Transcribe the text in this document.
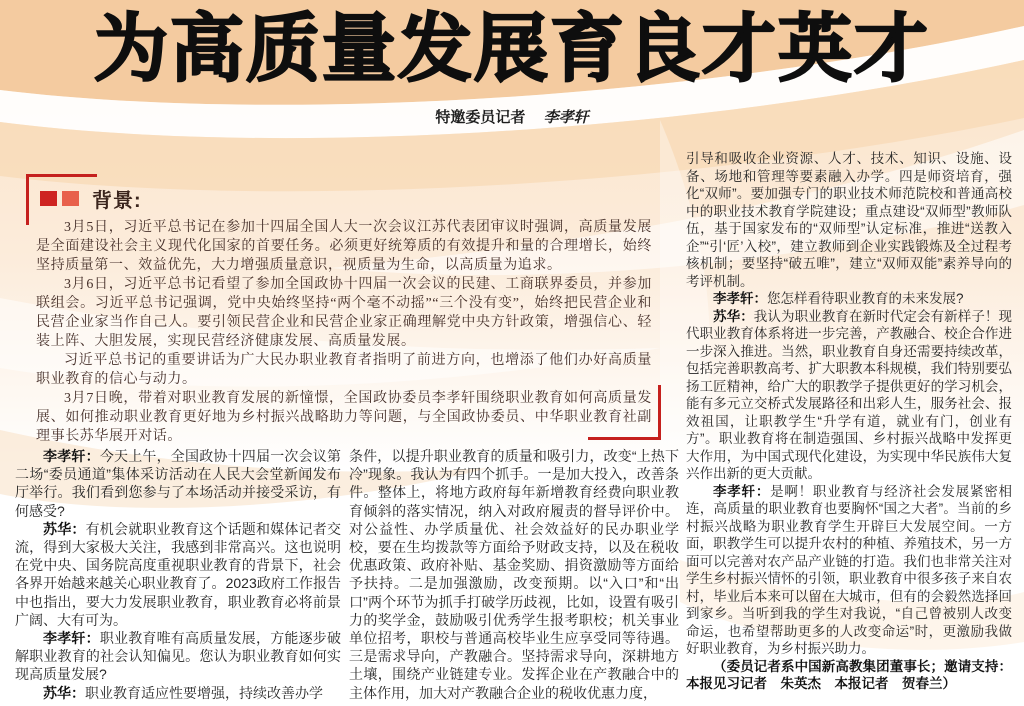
为高质量发展育良才英才
特邀委员记者 李孝轩
背景:

3月5日，习近平总书记在参加十四届全国人大一次会议江苏代表团审议时强调，高质量发展是全面建设社会主义现代化国家的首要任务。必须更好统筹质的有效提升和量的合理增长，始终坚持质量第一、效益优先，大力增强质量意识，视质量为生命，以高质量为追求。

3月6日，习近平总书记看望了参加全国政协十四届一次会议的民建、工商联界委员，并参加联组会。习近平总书记强调，党中央始终坚持“两个毫不动摇”“三个没有变”，始终把民营企业和民营企业家当作自己人。要引领民营企业和民营企业家正确理解党中央方针政策，增强信心、轻装上阵、大胆发展，实现民营经济健康发展、高质量发展。

习近平总书记的重要讲话为广大民办职业教育者指明了前进方向，也增添了他们办好高质量职业教育的信心与动力。

3月7日晚，带着对职业教育发展的新憧憬，全国政协委员李孝轩围绕职业教育如何高质量发展、如何推动职业教育更好地为乡村振兴战略助力等问题，与全国政协委员、中华职业教育社副理事长苏华展开对话。

李孝轩：今天上午，全国政协十四届一次会议第二场“委员通道”集体采访活动在人民大会堂新闻发布厅举行。我们看到您参与了本场活动并接受采访，有何感受?

苏华：有机会就职业教育这个话题和媒体记者交流，得到大家极大关注，我感到非常高兴。这也说明在党中央、国务院高度重视职业教育的背景下，社会各界开始越来越关心职业教育了。2023政府工作报告中也指出，要大力发展职业教育，职业教育必将前景广阔、大有可为。

李孝轩：职业教育唯有高质量发展，方能逐步破解职业教育的社会认知偏见。您认为职业教育如何实现高质量发展?

苏华：职业教育适应性要增强，持续改善办学

条件，以提升职业教育的质量和吸引力，改变“上热下冷”现象。我认为有四个抓手。一是加大投入，改善条件。整体上，将地方政府每年新增教育经费向职业教育倾斜的落实情况，纳入对政府履责的督导评价中。对公益性、办学质量优、社会效益好的民办职业学校，要在生均拨款等方面给予财政支持，以及在税收优惠政策、政府补贴、基金奖励、捐资激励等方面给予扶持。二是加强激励，改变预期。以“入口”和“出口”两个环节为抓手打破学历歧视，比如，设置有吸引力的奖学金，鼓励吸引优秀学生报考职校；机关事业单位招考，职校与普通高校毕业生应享受同等待遇。三是需求导向，产教融合。坚持需求导向，深耕地方土壤，围绕产业链建专业。发挥企业在产教融合中的主体作用，加大对产教融合企业的税收优惠力度，

引导和吸收企业资源、人才、技术、知识、设施、设备、场地和管理等要素融入办学。四是师资培育，强化“双师”。要加强专门的职业技术师范院校和普通高校中的职业技术教育学院建设；重点建设“双师型”教师队伍，基于国家发布的“双师型”认定标准，推进“送教入企”“引‘匠’入校”，建立教师到企业实践锻炼及全过程考核机制；要坚持“破五唯”，建立“双师双能”素养导向的考评机制。

李孝轩：您怎样看待职业教育的未来发展?

苏华：我认为职业教育在新时代定会有新样子！现代职业教育体系将进一步完善，产教融合、校企合作进一步深入推进。当然，职业教育自身还需要持续改革，包括完善职教高考、扩大职教本科规模，我们特别要弘扬工匠精神，给广大的职教学子提供更好的学习机会，能有多元立交桥式发展路径和出彩人生，服务社会、报效祖国，让职教学生“升学有道，就业有门，创业有方”。职业教育将在制造强国、乡村振兴战略中发挥更大作用，为中国式现代化建设，为实现中华民族伟大复兴作出新的更大贡献。

李孝轩：是啊！职业教育与经济社会发展紧密相连，高质量的职业教育也要胸怀“国之大者”。当前的乡村振兴战略为职业教育学生开辟巨大发展空间。一方面，职教学生可以提升农村的种植、养殖技术，另一方面可以完善对农产品产业链的打造。我们也非常关注对学生乡村振兴情怀的引领，职业教育中很多孩子来自农村，毕业后本来可以留在大城市，但有的会毅然选择回到家乡。当听到我的学生对我说，“自己曾被别人改变命运，也希望帮助更多的人改变命运”时，更激励我做好职业教育，为乡村振兴助力。

（委员记者系中国新高教集团董事长；邀请支持：本报见习记者　朱英杰　本报记者　贺春兰）
